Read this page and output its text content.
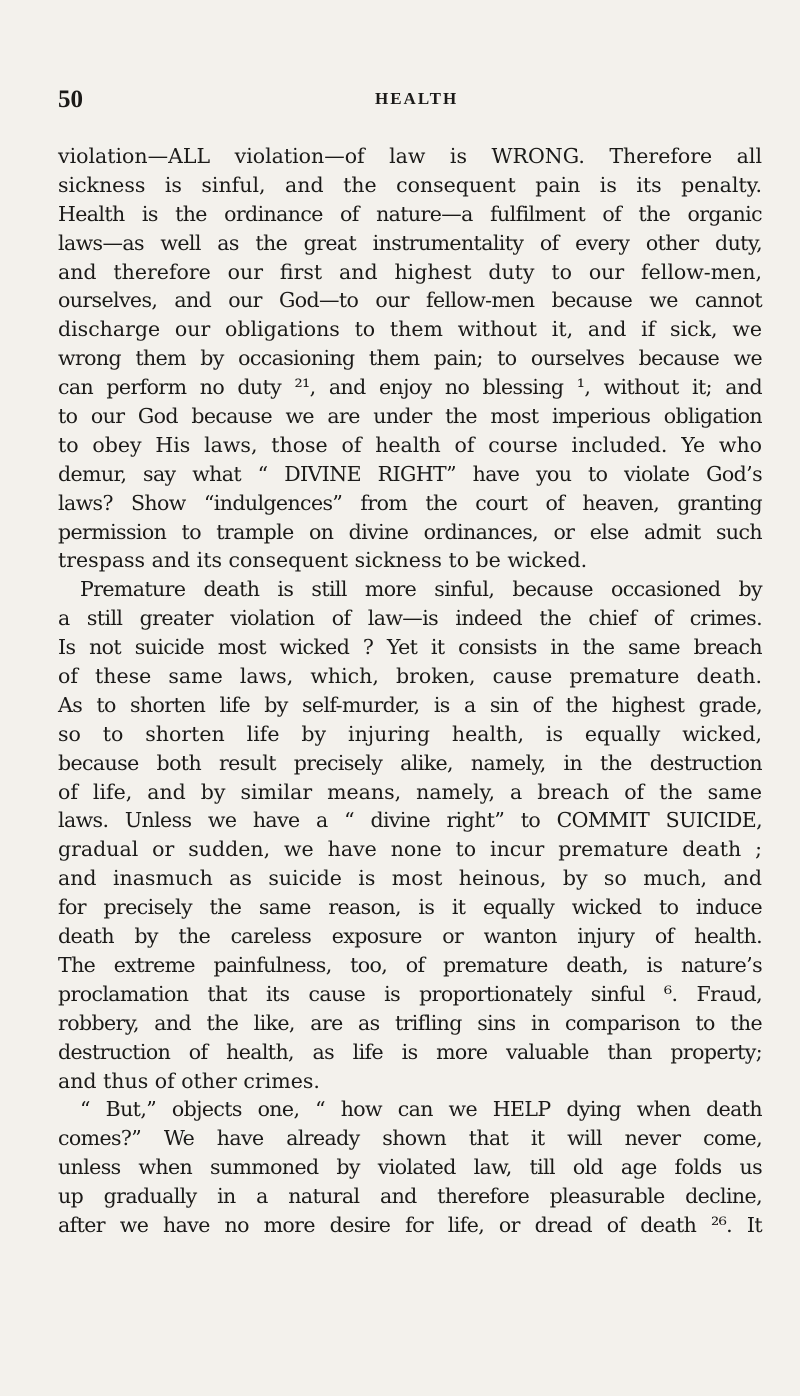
50	HEALTH
violation—ALL violation—of law is WRONG. Therefore all
sickness is sinful, and the consequent pain is its penalty.
Health is the ordinance of nature—a fulfilment of the organic
laws—as well as the great instrumentality of every other duty,
and therefore our first and highest duty to our fellow-men,
ourselves, and our God—to our fellow-men because we cannot
discharge our obligations to them without it, and if sick, we
wrong them by occasioning them pain; to ourselves because we
can perform no duty ²¹, and enjoy no blessing ¹, without it; and
to our God because we are under the most imperious obligation
to obey His laws, those of health of course included. Ye who
demur, say what “ DIVINE RIGHT” have you to violate God’s
laws? Show “indulgences” from the court of heaven, granting
permission to trample on divine ordinances, or else admit such
trespass and its consequent sickness to be wicked.
Premature death is still more sinful, because occasioned by
a still greater violation of law—is indeed the chief of crimes.
Is not suicide most wicked ? Yet it consists in the same breach
of these same laws, which, broken, cause premature death.
As to shorten life by self-murder, is a sin of the highest grade,
so to shorten life by injuring health, is equally wicked,
because both result precisely alike, namely, in the destruction
of life, and by similar means, namely, a breach of the same
laws. Unless we have a “ divine right” to COMMIT SUICIDE,
gradual or sudden, we have none to incur premature death ;
and inasmuch as suicide is most heinous, by so much, and
for precisely the same reason, is it equally wicked to induce
death by the careless exposure or wanton injury of health.
The extreme painfulness, too, of premature death, is nature’s
proclamation that its cause is proportionately sinful ⁶. Fraud,
robbery, and the like, are as trifling sins in comparison to the
destruction of health, as life is more valuable than property;
and thus of other crimes.
“ But,” objects one, “ how can we HELP dying when death
comes?” We have already shown that it will never come,
unless when summoned by violated law, till old age folds us
up gradually in a natural and therefore pleasurable decline,
after we have no more desire for life, or dread of death ²⁶. It
